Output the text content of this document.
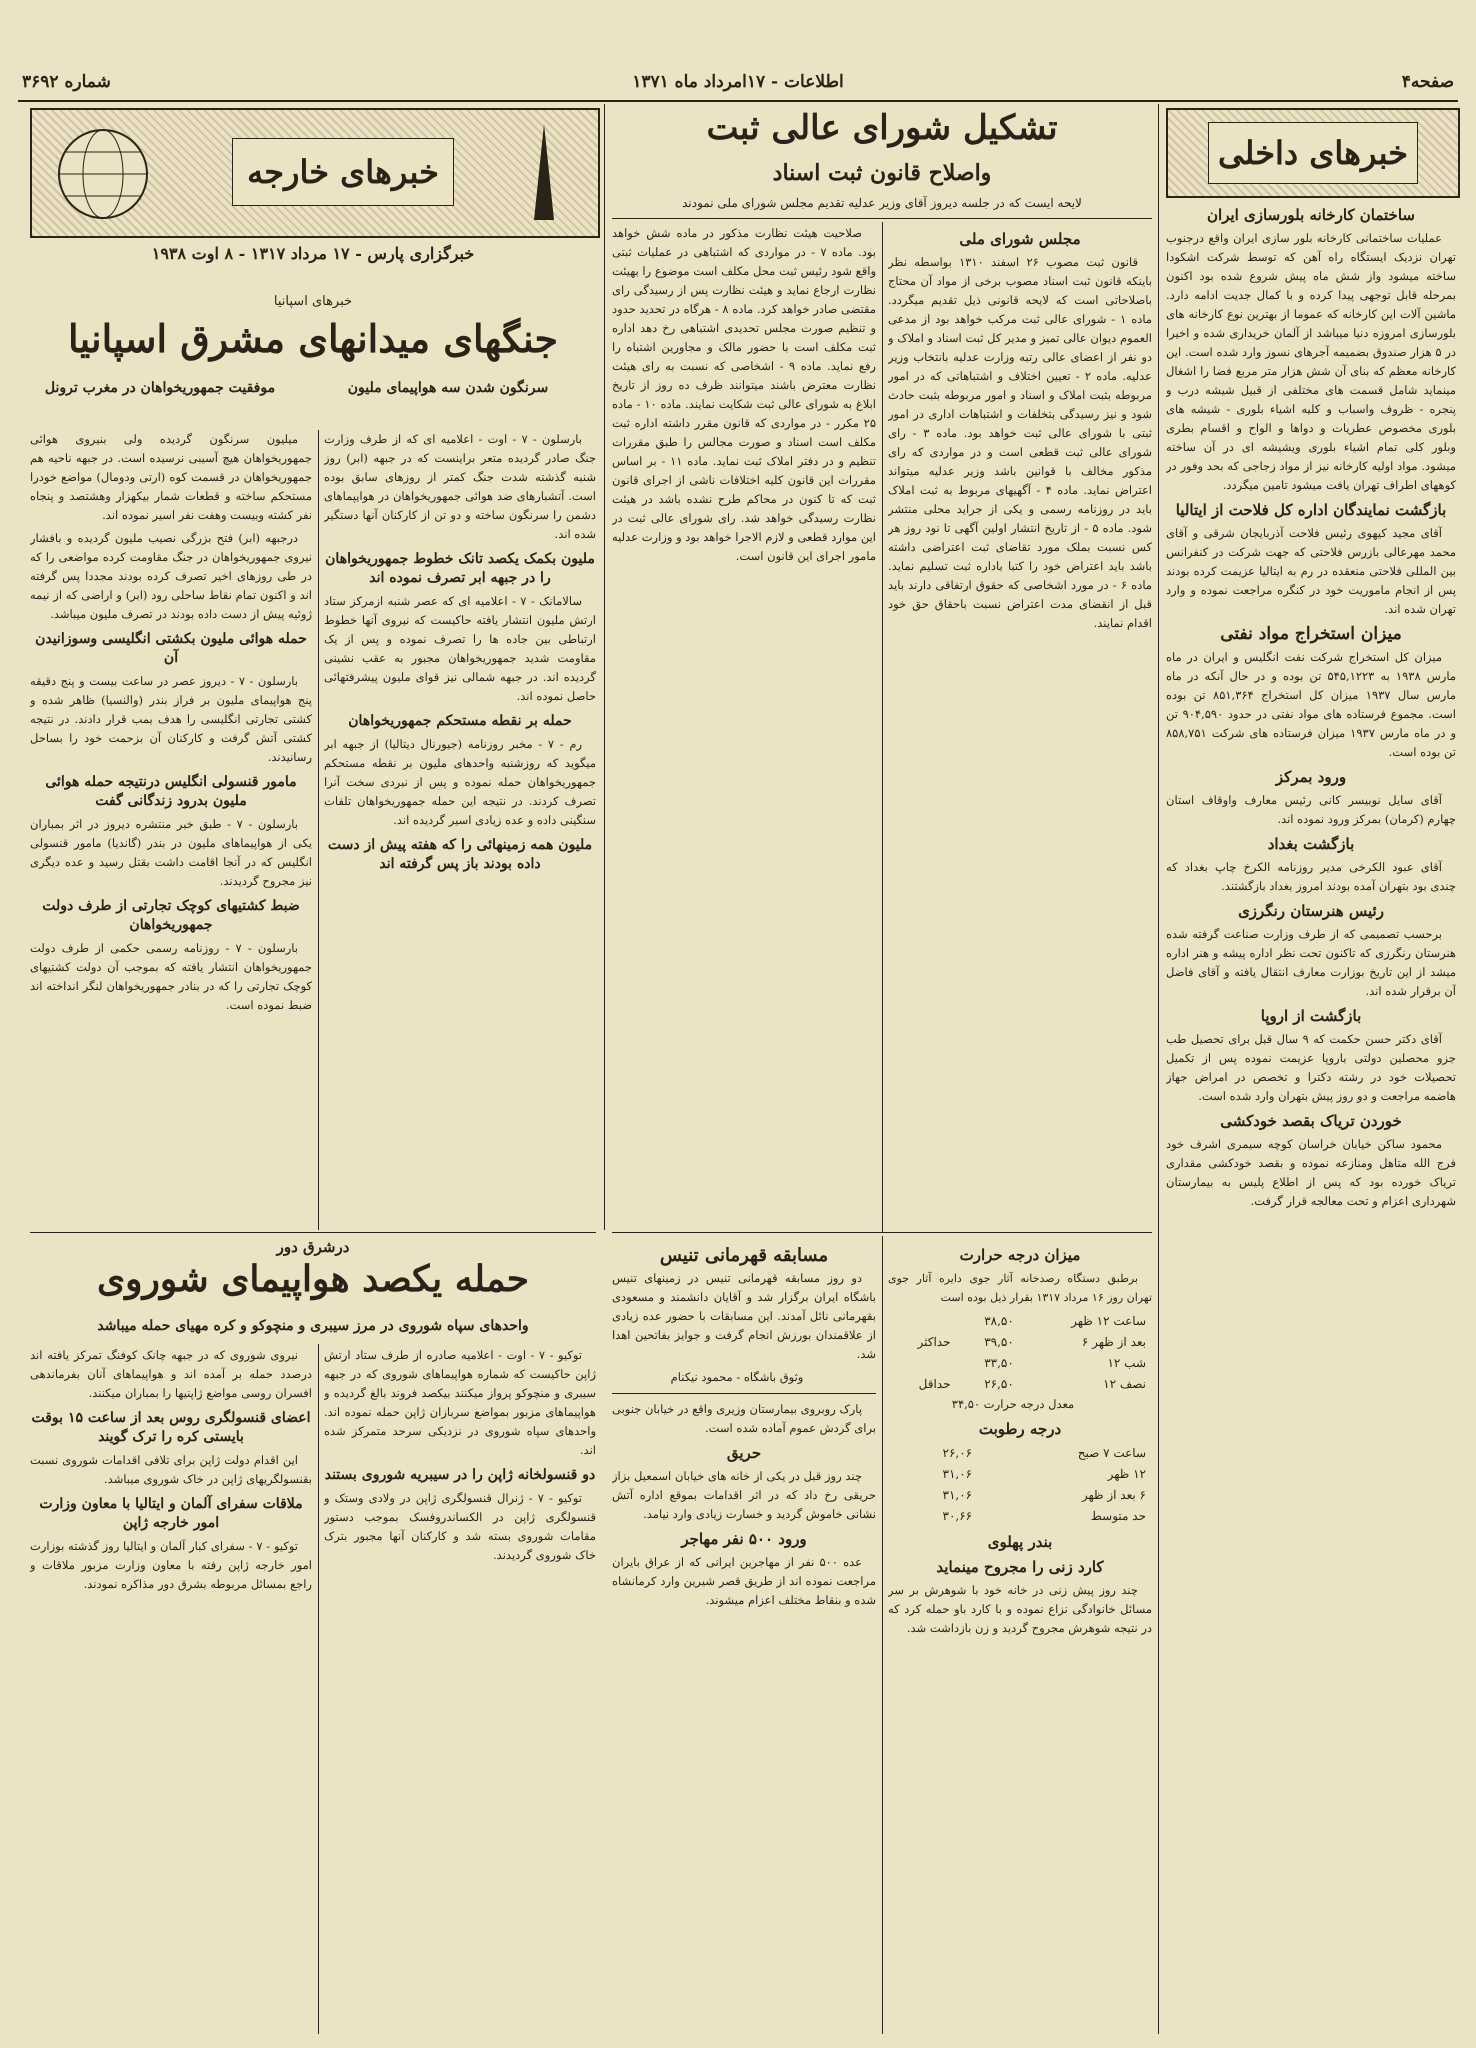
صفحه۴
اطلاعات - ۱۷امرداد ماه ۱۳۷۱
شماره ۳۶۹۲
خبرهای داخلی
ساختمان کارخانه بلورسازی ایران

عملیات ساختمانی کارخانه بلور سازی ایران واقع درجنوب تهران نزدیک ایستگاه راه آهن که توسط شرکت اشکودا ساخته میشود واز شش ماه پیش شروع شده بود اکنون بمرحله قابل توجهی پیدا کرده و با کمال جدیت ادامه دارد. ماشین آلات این کارخانه که عموما از بهترین نوع کارخانه های بلورسازی امروزه دنیا میباشد از آلمان خریداری شده و اخیرا در ۵ هزار صندوق بضمیمه آجرهای نسوز وارد شده است. این کارخانه معظم که بنای آن شش هزار متر مربع فضا را اشغال مینماید شامل قسمت های مختلفی از قبیل شیشه درب و پنجره - ظروف واسباب و کلیه اشیاء بلوری - شیشه های بلوری مخصوص عطریات و دواها و الواح و اقسام بطری وبلور کلی تمام اشیاء بلوری ویشیشه ای در آن ساخته میشود. مواد اولیه کارخانه نیز از مواد زجاجی که بحد وفور در کوههای اطراف تهران یافت میشود تامین میگردد.

بازگشت نمایندگان اداره کل فلاحت از ایتالیا

آقای مجید کیهوی رئیس فلاحت آذربایجان شرقی و آقای محمد مهرعالی بازرس فلاحتی که جهت شرکت در کنفرانس بین المللی فلاحتی منعقده در رم به ایتالیا عزیمت کرده بودند پس از انجام ماموریت خود در کنگره مراجعت نموده و وارد تهران شده اند.

میزان استخراج مواد نفتی

میزان کل استخراج شرکت نفت انگلیس و ایران در ماه مارس ۱۹۳۸ به ۵۴۵,۱۲۲۳ تن بوده و در حال آنکه در ماه مارس سال ۱۹۳۷ میزان کل استخراج ۸۵۱,۳۶۴ تن بوده است. مجموع فرستاده های مواد نفتی در حدود ۹۰۴,۵۹۰ تن و در ماه مارس ۱۹۳۷ میزان فرستاده های شرکت ۸۵۸,۷۵۱ تن بوده است.

ورود بمرکز

آقای سایل نوبیسر کانی رئیس معارف واوقاف استان چهارم (کرمان) بمرکز ورود نموده اند.

بازگشت بغداد

آقای عبود الکرخی مدیر روزنامه الکرخ چاپ بغداد که چندی بود بتهران آمده بودند امروز بغداد بازگشتند.

رئیس هنرستان رنگرزی

برحسب تصمیمی که از طرف وزارت صناعت گرفته شده هنرستان رنگرزی که تاکنون تحت نظر اداره پیشه و هنر اداره میشد از این تاریخ بوزارت معارف انتقال یافته و آقای فاضل آن برقرار شده اند.

بازگشت از اروپا

آقای دکتر حسن حکمت که ۹ سال قبل برای تحصیل طب جزو محصلین دولتی باروپا عزیمت نموده پس از تکمیل تحصیلات خود در رشته دکترا و تخصص در امراض جهاز هاضمه مراجعت و دو روز پیش بتهران وارد شده است.

خوردن تریاک بقصد خودکشی

محمود ساکن خیابان خراسان کوچه سیمری اشرف خود فرج الله متاهل ومنازعه نموده و بقصد خودکشی مقداری تریاک خورده بود که پس از اطلاع پلیس به بیمارستان شهرداری اعزام و تحت معالجه قرار گرفت.

تشکیل شورای عالی ثبت
واصلاح قانون ثبت اسناد
لایحه ایست که در جلسه دیروز آقای وزیر عدلیه تقدیم مجلس شورای ملی نمودند
مجلس شورای ملی

قانون ثبت مصوب ۲۶ اسفند ۱۳۱۰ بواسطه نظر باینکه قانون ثبت اسناد مصوب برخی از مواد آن محتاج باصلاحاتی است که لایحه قانونی ذیل تقدیم میگردد. ماده ۱ - شورای عالی ثبت مرکب خواهد بود از مدعی العموم دیوان عالی تمیز و مدیر کل ثبت اسناد و املاک و دو نفر از اعضای عالی رتبه وزارت عدلیه بانتخاب وزیر عدلیه. ماده ۲ - تعیین اختلاف و اشتباهاتی که در امور مربوطه بثبت املاک و اسناد و امور مربوطه بثبت حادث شود و نیز رسیدگی بتخلفات و اشتباهات اداری در امور ثبتی با شورای عالی ثبت خواهد بود. ماده ۳ - رای شورای عالی ثبت قطعی است و در مواردی که رای مذکور مخالف با قوانین باشد وزیر عدلیه میتواند اعتراض نماید. ماده ۴ - آگهیهای مربوط به ثبت املاک باید در روزنامه رسمی و یکی از جراید محلی منتشر شود. ماده ۵ - از تاریخ انتشار اولین آگهی تا نود روز هر کس نسبت بملک مورد تقاضای ثبت اعتراضی داشته باشد باید اعتراض خود را کتبا باداره ثبت تسلیم نماید. ماده ۶ - در مورد اشخاصی که حقوق ارتفاقی دارند باید قبل از انقضای مدت اعتراض نسبت باحقاق حق خود اقدام نمایند.

صلاحیت هیئت نظارت مذکور در ماده شش خواهد بود. ماده ۷ - در مواردی که اشتباهی در عملیات ثبتی واقع شود رئیس ثبت محل مکلف است موضوع را بهیئت نظارت ارجاع نماید و هیئت نظارت پس از رسیدگی رای مقتضی صادر خواهد کرد. ماده ۸ - هرگاه در تحدید حدود و تنظیم صورت مجلس تحدیدی اشتباهی رخ دهد اداره ثبت مکلف است با حضور مالک و مجاورین اشتباه را رفع نماید. ماده ۹ - اشخاصی که نسبت به رای هیئت نظارت معترض باشند میتوانند ظرف ده روز از تاریخ ابلاغ به شورای عالی ثبت شکایت نمایند. ماده ۱۰ - ماده ۲۵ مکرر - در مواردی که قانون مقرر داشته اداره ثبت مکلف است اسناد و صورت مجالس را طبق مقررات تنظیم و در دفتر املاک ثبت نماید. ماده ۱۱ - بر اساس مقررات این قانون کلیه اختلافات ناشی از اجرای قانون ثبت که تا کنون در محاکم طرح نشده باشد در هیئت نظارت رسیدگی خواهد شد. رای شورای عالی ثبت در این موارد قطعی و لازم الاجرا خواهد بود و وزارت عدلیه مامور اجرای این قانون است.

خبرهای خارجه
خبرگزاری پارس - ۱۷ مرداد ۱۳۱۷ - ۸ اوت ۱۹۳۸
خبرهای اسپانیا
جنگهای میدانهای مشرق اسپانیا
سرنگون شدن سه هواپیمای ملیون
موفقیت جمهوریخواهان در مغرب ترونل

بارسلون - ۷ - اوت - اعلامیه ای که از طرف وزارت جنگ صادر گردیده متعر براینست که در جبهه (ابر) روز شنبه گذشته شدت جنگ کمتر از روزهای سابق بوده است. آتشبارهای ضد هوائی جمهوریخواهان در هوایپماهای دشمن را سرنگون ساخته و دو تن از کارکنان آنها دستگیر شده اند.

ملیون بکمک یکصد تانک خطوط جمهوریخواهان را در جبهه ابر تصرف نموده اند

سالامانک - ۷ - اعلامیه ای که عصر شنبه ازمرکز ستاد ارتش ملیون انتشار یافته حاکیست که نیروی آنها خطوط ارتباطی بین جاده ها را تصرف نموده و پس از یک مقاومت شدید جمهوریخواهان مجبور به عقب نشینی گردیده اند. در جبهه شمالی نیز قوای ملیون پیشرفتهائی حاصل نموده اند.

حمله بر نقطه مستحکم جمهوریخواهان

رم - ۷ - مخبر روزنامه (جیورنال دیتالیا) از جبهه ابر میگوید که روزشنبه واحدهای ملیون بر نقطه مستحکم جمهوریخواهان حمله نموده و پس از نبردی سخت آنرا تصرف کردند. در نتیجه این حمله جمهوریخواهان تلفات سنگینی داده و عده زیادی اسیر گردیده اند.

ملیون همه زمینهائی را که هفته پیش از دست داده بودند باز پس گرفته اند

میلیون سرنگون گردیده ولی بنیروی هوائی جمهوریخواهان هیچ آسیبی نرسیده است. در جبهه ناحیه هم جمهوریخواهان در قسمت کوه (ارتی ودومال) مواضع خودرا مستحکم ساخته و قطعات شمار بیکهزار وهشتصد و پنجاه نفر کشته وبیست وهفت نفر اسیر نموده اند.

درجبهه (ابر) فتح بزرگی نصیب ملیون گردیده و بافشار نیروی جمهوریخواهان در جنگ مقاومت کرده مواضعی را که در طی روزهای اخیر تصرف کرده بودند مجددا پس گرفته اند و اکنون تمام نقاط ساحلی رود (ابر) و اراضی که از نیمه ژوئیه پیش از دست داده بودند در تصرف ملیون میباشد.

حمله هوائی ملیون بکشتی انگلیسی وسوزانیدن آن

بارسلون - ۷ - دیروز عصر در ساعت بیست و پنج دقیقه پنج هواپیمای ملیون بر فراز بندر (والنسیا) ظاهر شده و کشتی تجارتی انگلیسی را هدف بمب قرار دادند. در نتیجه کشتی آتش گرفت و کارکنان آن بزحمت خود را بساحل رسانیدند.

مامور قنسولی انگلیس درنتیجه حمله هوائی ملیون بدرود زندگانی گفت

بارسلون - ۷ - طبق خبر منتشره دیروز در اثر بمباران یکی از هواپیماهای ملیون در بندر (گاندیا) مامور قنسولی انگلیس که در آنجا اقامت داشت بقتل رسید و عده دیگری نیز مجروح گردیدند.

ضبط کشتیهای کوچک تجارتی از طرف دولت جمهوریخواهان

بارسلون - ۷ - روزنامه رسمی حکمی از طرف دولت جمهوریخواهان انتشار یافته که بموجب آن دولت کشتیهای کوچک تجارتی را که در بنادر جمهوریخواهان لنگر انداخته اند ضبط نموده است.

درشرق دور
حمله یکصد هواپیمای شوروی
واحدهای سپاه شوروی در مرز سیبری و منچوکو و کره مهیای حمله میباشد

توکیو - ۷ - اوت - اعلامیه صادره از طرف ستاد ارتش ژاپن حاکیست که شماره هواپیماهای شوروی که در جبهه سیبری و منچوکو پرواز میکنند بیکصد فروند بالغ گردیده و هواپیماهای مزبور بمواضع سربازان ژاپن حمله نموده اند. واحدهای سپاه شوروی در نزدیکی سرحد متمرکز شده اند.

دو قنسولخانه ژاپن را در سیبریه شوروی بستند

توکیو - ۷ - ژنرال قنسولگری ژاپن در ولادی وستک و قنسولگری ژاپن در الکساندروفسک بموجب دستور مقامات شوروی بسته شد و کارکنان آنها مجبور بترک خاک شوروی گردیدند.

نیروی شوروی که در جبهه چانک کوفنگ تمرکز یافته اند درصدد حمله بر آمده اند و هواپیماهای آنان بفرماندهی افسران روسی مواضع ژاپنیها را بمباران میکنند.

اعضای قنسولگری روس بعد از ساعت ۱۵ بوقت بایستی کره را ترک گویند

این اقدام دولت ژاپن برای تلافی اقدامات شوروی نسبت بقنسولگریهای ژاپن در خاک شوروی میباشد.

ملاقات سفرای آلمان و ایتالیا با معاون وزارت امور خارجه ژاپن

توکیو - ۷ - سفرای کبار آلمان و ایتالیا روز گذشته بوزارت امور خارجه ژاپن رفته با معاون وزارت مزبور ملاقات و راجع بمسائل مربوطه بشرق دور مذاکره نمودند.

مسابقه قهرمانی تنیس

دو روز مسابقه قهرمانی تنیس در زمینهای تنیس باشگاه ایران برگزار شد و آقایان دانشمند و مسعودی بقهرمانی نائل آمدند. این مسابقات با حضور عده زیادی از علاقمندان بورزش انجام گرفت و جوایز بفاتحین اهدا شد.

وثوق باشگاه - محمود نیکنام

پارک روبروی بیمارستان وزیری واقع در خیابان جنوبی برای گردش عموم آماده شده است.

حریق

چند روز قبل در یکی از خانه های خیابان اسمعیل بزاز حریقی رخ داد که در اثر اقدامات بموقع اداره آتش نشانی خاموش گردید و خسارت زیادی وارد نیامد.

ورود ۵۰۰ نفر مهاجر

عده ۵۰۰ نفر از مهاجرین ایرانی که از عراق بایران مراجعت نموده اند از طریق قصر شیرین وارد کرمانشاه شده و بنقاط مختلف اعزام میشوند.

میزان درجه حرارت

برطبق دستگاه رصدخانه آثار جوی دایره آثار جوی تهران روز ۱۶ مرداد ۱۳۱۷ بقرار ذیل بوده است

ساعت ۱۲ ظهر	۳۸,۵۰	
بعد از ظهر ۶	۳۹,۵۰	حداکثر
شب ۱۲	۳۳,۵۰	
نصف ۱۲	۲۶,۵۰	حداقل

معدل درجه حرارت ۳۴,۵۰

درجه رطوبت
ساعت ۷ صبح	۲۶,۰۶
۱۲ ظهر	۳۱,۰۶
۶ بعد از ظهر	۳۱,۰۶
حد متوسط	۳۰,۶۶
بندر پهلوی
کارد زنی را مجروح مینماید

چند روز پیش زنی در خانه خود با شوهرش بر سر مسائل خانوادگی نزاع نموده و با کارد باو حمله کرد که در نتیجه شوهرش مجروح گردید و زن بازداشت شد.
